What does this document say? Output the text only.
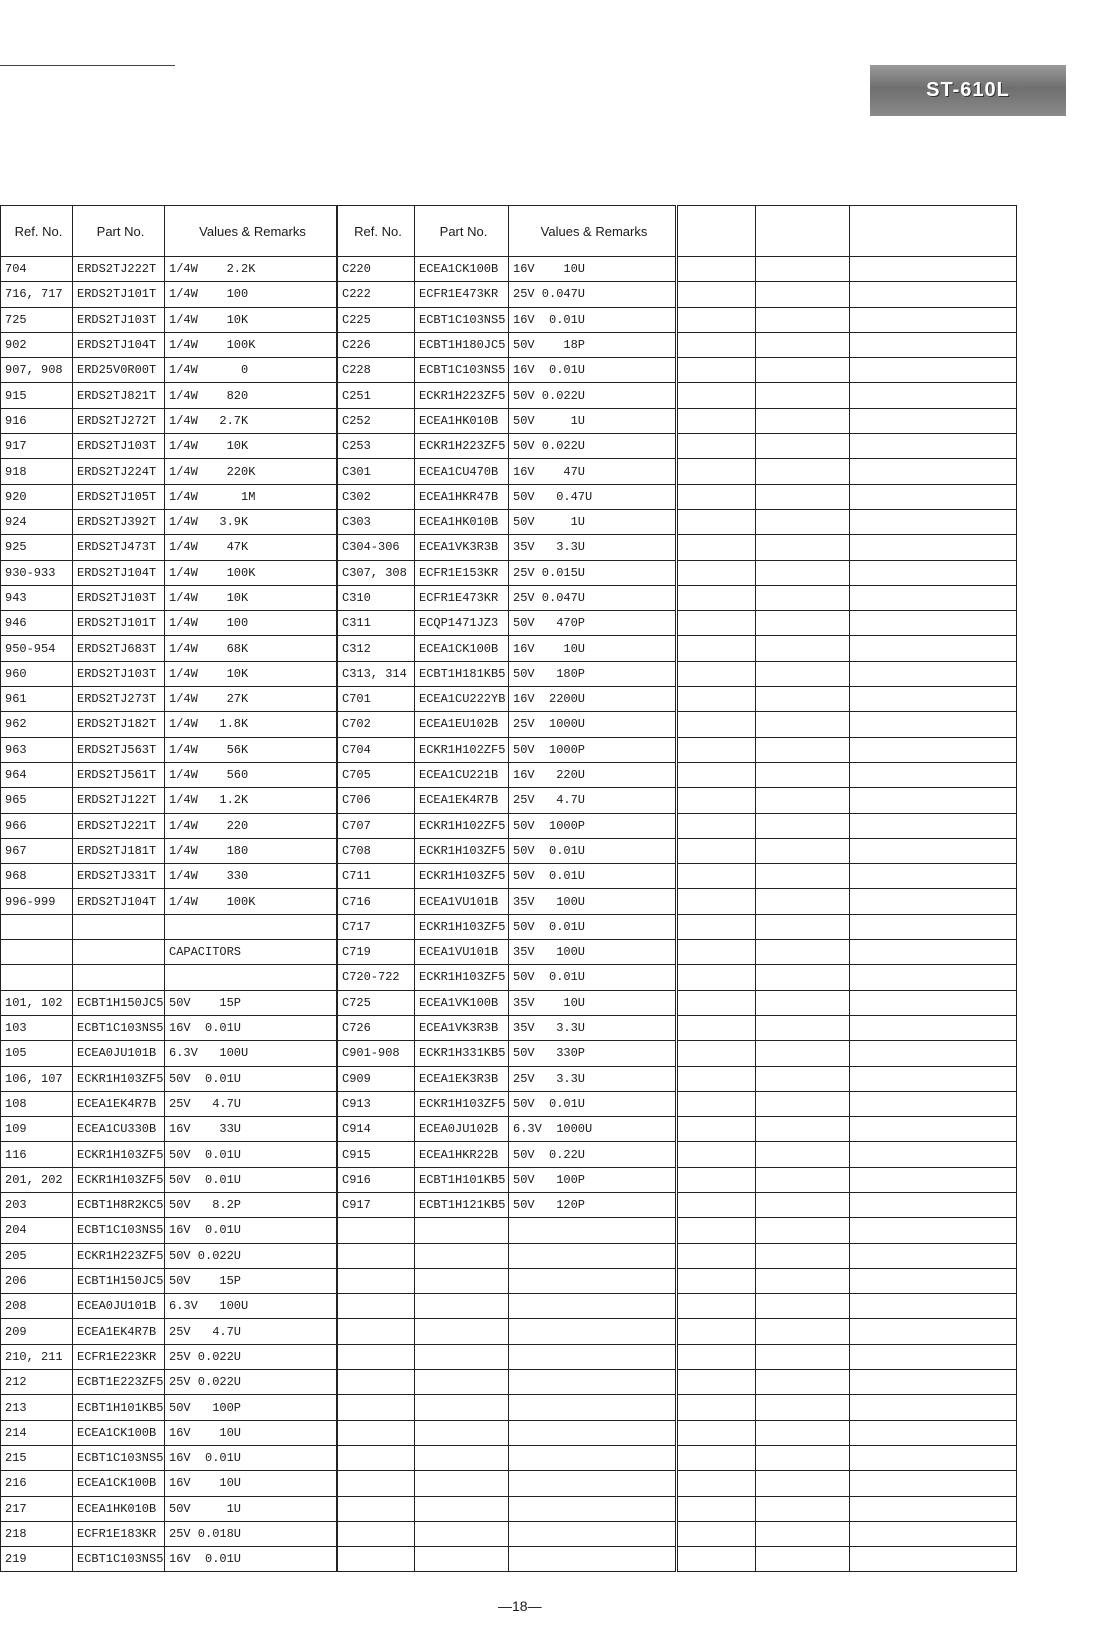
ST-610L
Ref. No.	Part No.	Values & Remarks
704	ERDS2TJ222T	1/4W    2.2K
716, 717	ERDS2TJ101T	1/4W    100
725	ERDS2TJ103T	1/4W    10K
902	ERDS2TJ104T	1/4W    100K
907, 908	ERD25V0R00T	1/4W      0
915	ERDS2TJ821T	1/4W    820
916	ERDS2TJ272T	1/4W   2.7K
917	ERDS2TJ103T	1/4W    10K
918	ERDS2TJ224T	1/4W    220K
920	ERDS2TJ105T	1/4W      1M
924	ERDS2TJ392T	1/4W   3.9K
925	ERDS2TJ473T	1/4W    47K
930-933	ERDS2TJ104T	1/4W    100K
943	ERDS2TJ103T	1/4W    10K
946	ERDS2TJ101T	1/4W    100
950-954	ERDS2TJ683T	1/4W    68K
960	ERDS2TJ103T	1/4W    10K
961	ERDS2TJ273T	1/4W    27K
962	ERDS2TJ182T	1/4W   1.8K
963	ERDS2TJ563T	1/4W    56K
964	ERDS2TJ561T	1/4W    560
965	ERDS2TJ122T	1/4W   1.2K
966	ERDS2TJ221T	1/4W    220
967	ERDS2TJ181T	1/4W    180
968	ERDS2TJ331T	1/4W    330
996-999	ERDS2TJ104T	1/4W    100K

		CAPACITORS

101, 102	ECBT1H150JC5	50V    15P
103	ECBT1C103NS5	16V  0.01U
105	ECEA0JU101B	6.3V   100U
106, 107	ECKR1H103ZF5	50V  0.01U
108	ECEA1EK4R7B	25V   4.7U
109	ECEA1CU330B	16V    33U
116	ECKR1H103ZF5	50V  0.01U
201, 202	ECKR1H103ZF5	50V  0.01U
203	ECBT1H8R2KC5	50V   8.2P
204	ECBT1C103NS5	16V  0.01U
205	ECKR1H223ZF5	50V 0.022U
206	ECBT1H150JC5	50V    15P
208	ECEA0JU101B	6.3V   100U
209	ECEA1EK4R7B	25V   4.7U
210, 211	ECFR1E223KR	25V 0.022U
212	ECBT1E223ZF5	25V 0.022U
213	ECBT1H101KB5	50V   100P
214	ECEA1CK100B	16V    10U
215	ECBT1C103NS5	16V  0.01U
216	ECEA1CK100B	16V    10U
217	ECEA1HK010B	50V     1U
218	ECFR1E183KR	25V 0.018U
219	ECBT1C103NS5	16V  0.01U
Ref. No.	Part No.	Values & Remarks
C220	ECEA1CK100B	16V    10U
C222	ECFR1E473KR	25V 0.047U
C225	ECBT1C103NS5	16V  0.01U
C226	ECBT1H180JC5	50V    18P
C228	ECBT1C103NS5	16V  0.01U
C251	ECKR1H223ZF5	50V 0.022U
C252	ECEA1HK010B	50V     1U
C253	ECKR1H223ZF5	50V 0.022U
C301	ECEA1CU470B	16V    47U
C302	ECEA1HKR47B	50V   0.47U
C303	ECEA1HK010B	50V     1U
C304-306	ECEA1VK3R3B	35V   3.3U
C307, 308	ECFR1E153KR	25V 0.015U
C310	ECFR1E473KR	25V 0.047U
C311	ECQP1471JZ3	50V   470P
C312	ECEA1CK100B	16V    10U
C313, 314	ECBT1H181KB5	50V   180P
C701	ECEA1CU222YB	16V  2200U
C702	ECEA1EU102B	25V  1000U
C704	ECKR1H102ZF5	50V  1000P
C705	ECEA1CU221B	16V   220U
C706	ECEA1EK4R7B	25V   4.7U
C707	ECKR1H102ZF5	50V  1000P
C708	ECKR1H103ZF5	50V  0.01U
C711	ECKR1H103ZF5	50V  0.01U
C716	ECEA1VU101B	35V   100U
C717	ECKR1H103ZF5	50V  0.01U
C719	ECEA1VU101B	35V   100U
C720-722	ECKR1H103ZF5	50V  0.01U
C725	ECEA1VK100B	35V    10U
C726	ECEA1VK3R3B	35V   3.3U
C901-908	ECKR1H331KB5	50V   330P
C909	ECEA1EK3R3B	25V   3.3U
C913	ECKR1H103ZF5	50V  0.01U
C914	ECEA0JU102B	6.3V  1000U
C915	ECEA1HKR22B	50V  0.22U
C916	ECBT1H101KB5	50V   100P
C917	ECBT1H121KB5	50V   120P

—18—
